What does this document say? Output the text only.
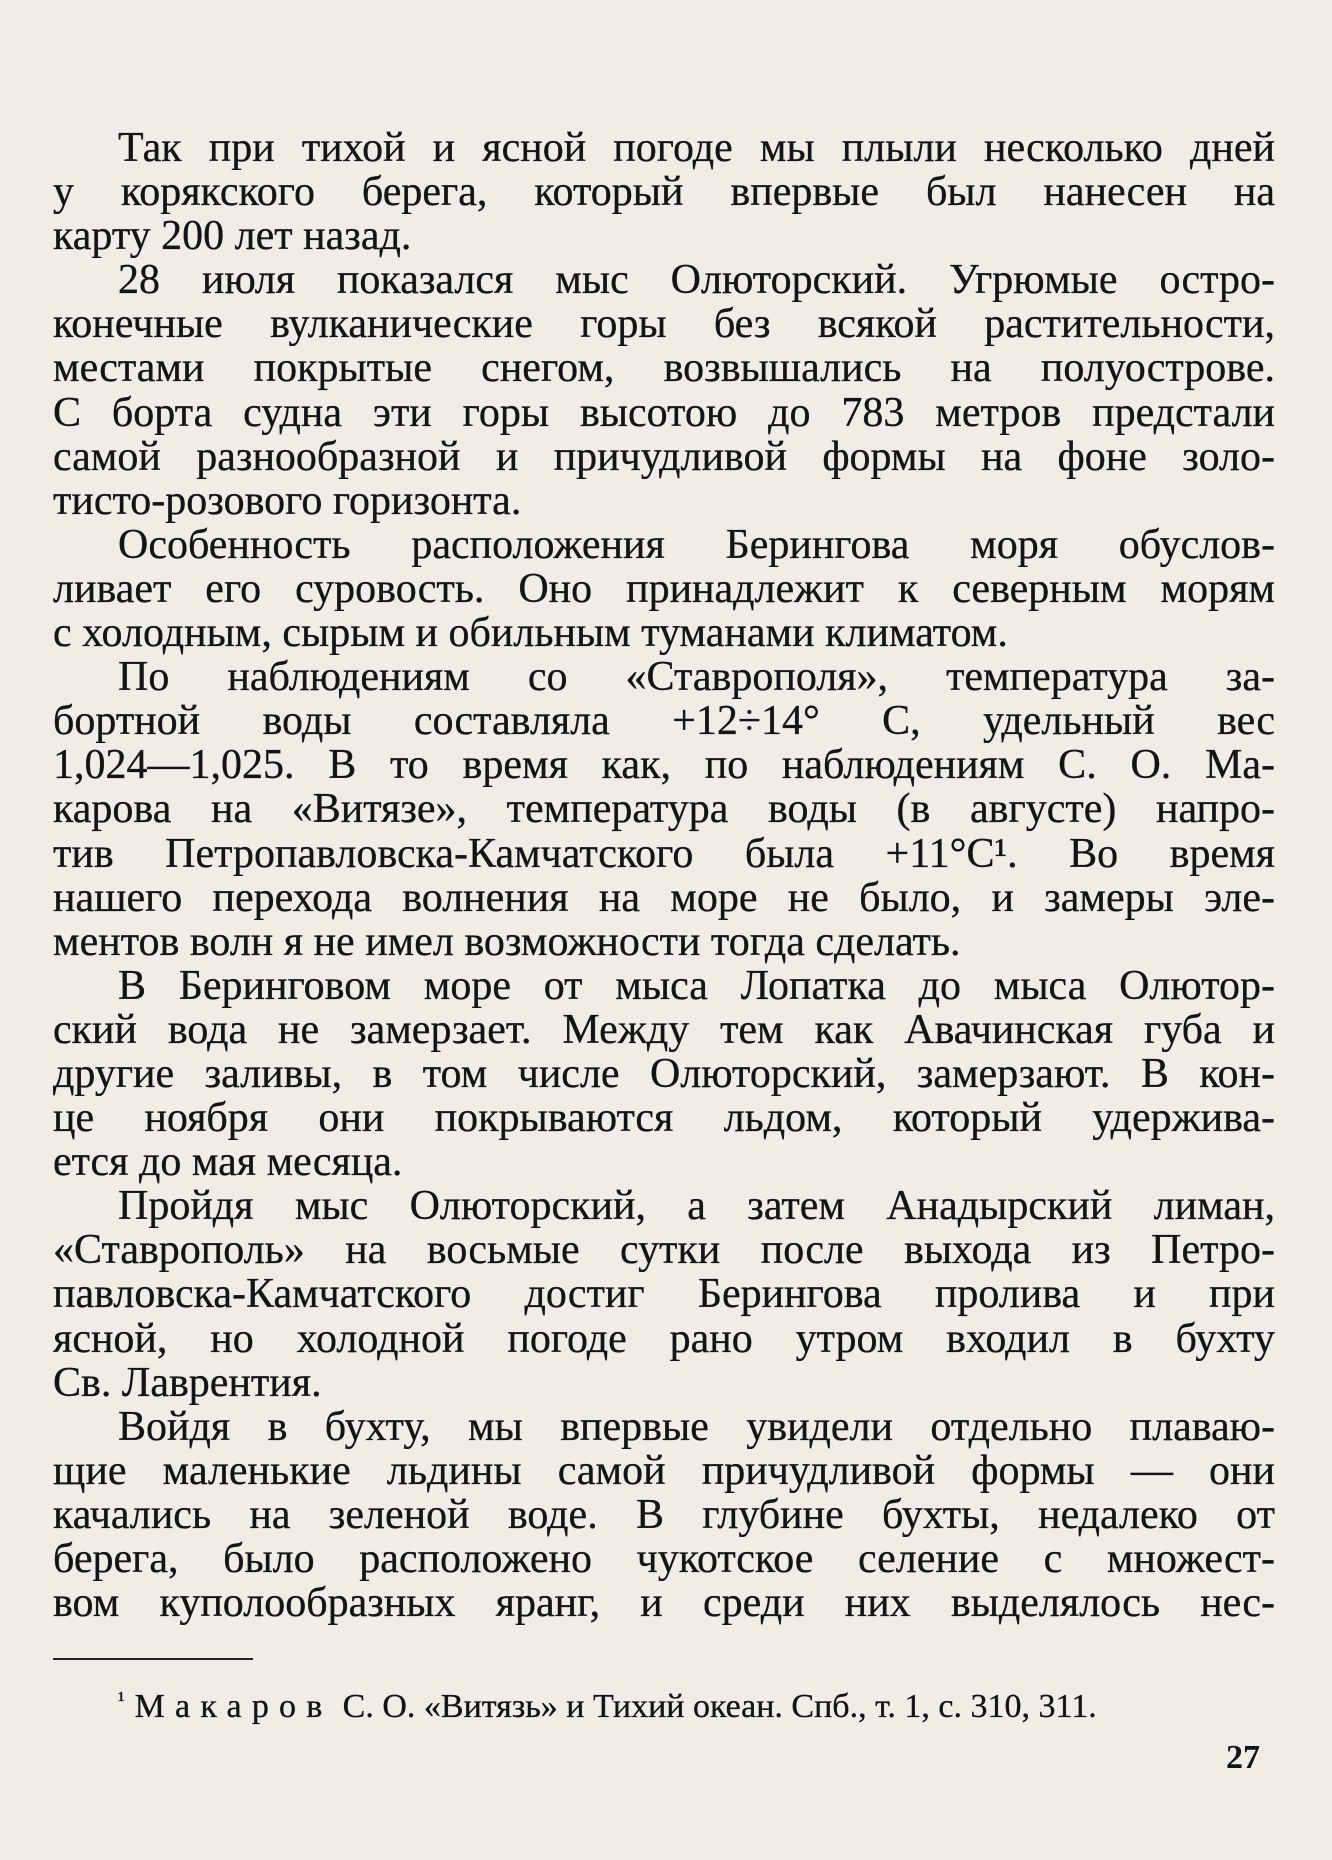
Так при тихой и ясной погоде мы плыли несколько дней
у корякского берега, который впервые был нанесен на
карту 200 лет назад.
28 июля показался мыс Олюторский. Угрюмые остро-
конечные вулканические горы без всякой растительности,
местами покрытые снегом, возвышались на полуострове.
С борта судна эти горы высотою до 783 метров предстали
самой разнообразной и причудливой формы на фоне золо-
тисто-розового горизонта.
Особенность расположения Берингова моря обуслов-
ливает его суровость. Оно принадлежит к северным морям
с холодным, сырым и обильным туманами климатом.
По наблюдениям со «Ставрополя», температура за-
бортной воды составляла +12÷14° С, удельный вес
1,024—1,025. В то время как, по наблюдениям С. О. Ма-
карова на «Витязе», температура воды (в августе) напро-
тив Петропавловска-Камчатского была +11°С¹. Во время
нашего перехода волнения на море не было, и замеры эле-
ментов волн я не имел возможности тогда сделать.
В Беринговом море от мыса Лопатка до мыса Олютор-
ский вода не замерзает. Между тем как Авачинская губа и
другие заливы, в том числе Олюторский, замерзают. В кон-
це ноября они покрываются льдом, который удержива-
ется до мая месяца.
Пройдя мыс Олюторский, а затем Анадырский лиман,
«Ставрополь» на восьмые сутки после выхода из Петро-
павловска-Камчатского достиг Берингова пролива и при
ясной, но холодной погоде рано утром входил в бухту
Св. Лаврентия.
Войдя в бухту, мы впервые увидели отдельно плаваю-
щие маленькие льдины самой причудливой формы — они
качались на зеленой воде. В глубине бухты, недалеко от
берега, было расположено чукотское селение с множест-
вом куполообразных яранг, и среди них выделялось нес-
$^{^1}$ Макаров С. О. «Витязь» и Тихий океан. Спб., т. 1, с. 310, 311.
27
